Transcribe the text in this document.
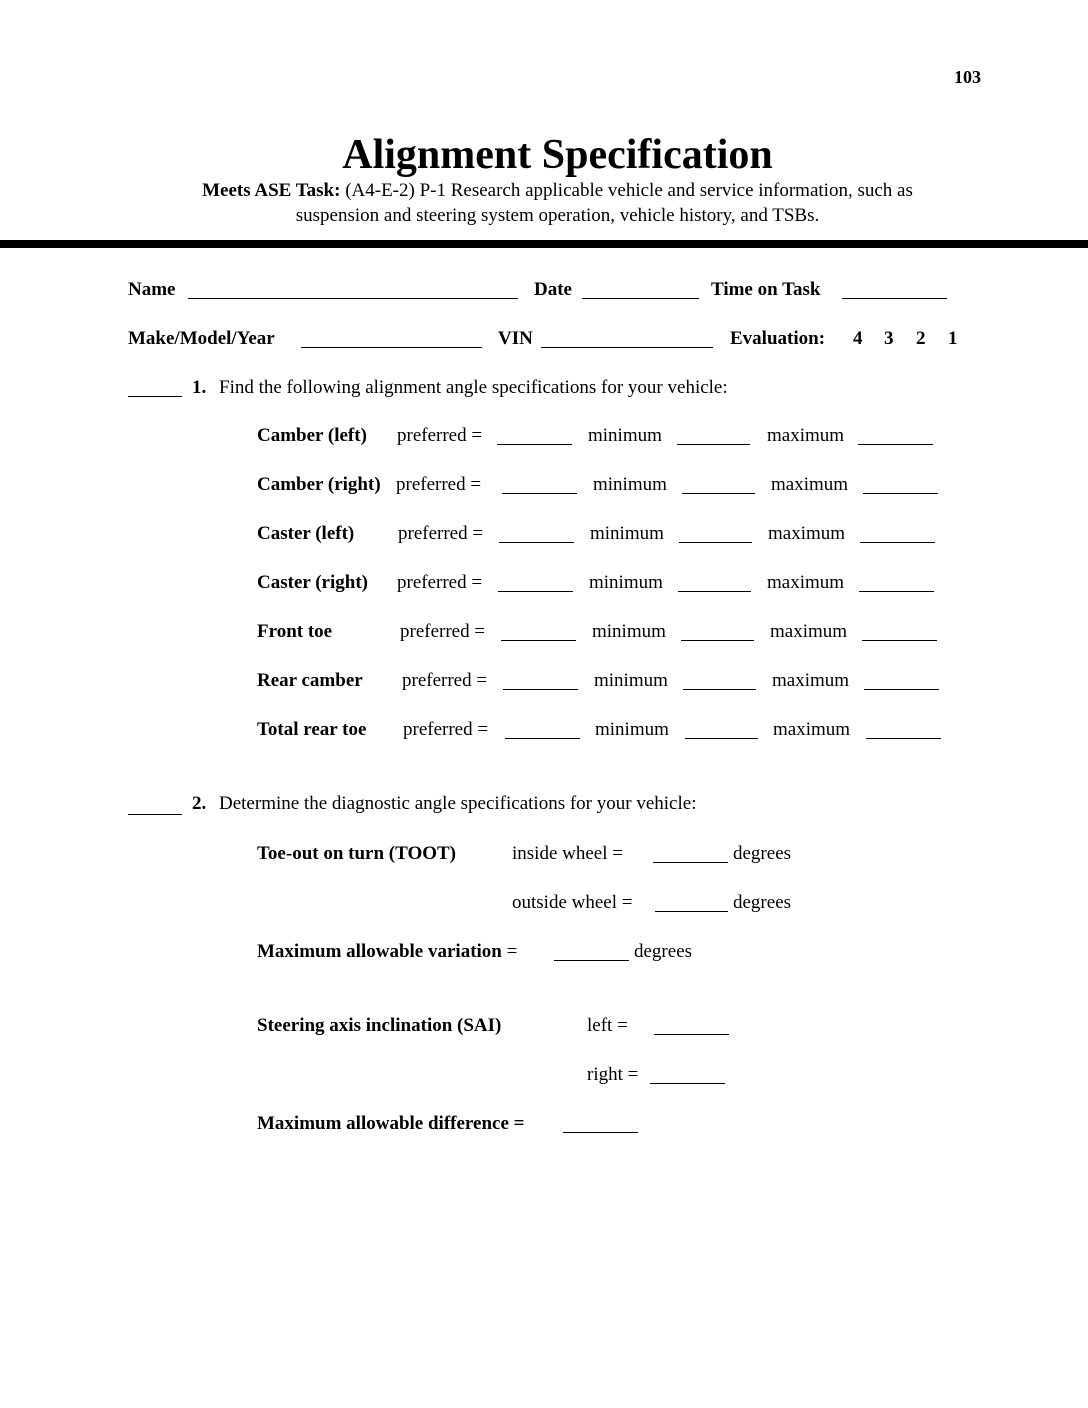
103
Alignment Specification
Meets ASE Task: (A4-E-2) P-1 Research applicable vehicle and service information, such as
suspension and steering system operation, vehicle history, and TSBs.
Name	Date	Time on Task
Make/Model/Year	VIN	Evaluation: 4 3 2 1
1. Find the following alignment angle specifications for your vehicle:
Camber (left) preferred =	minimum	maximum
Camber (right) preferred =	minimum	maximum
Caster (left) preferred =	minimum	maximum
Caster (right) preferred =	minimum	maximum
Front toe	preferred =	minimum	maximum
Rear camber preferred =	minimum	maximum
Total rear toe preferred =	minimum	maximum
2. Determine the diagnostic angle specifications for your vehicle:
Toe-out on turn (TOOT)	inside wheel =	degrees
outside wheel =	degrees
Maximum allowable variation =	degrees
Steering axis inclination (SAI)	left =
right =
Maximum allowable difference =
